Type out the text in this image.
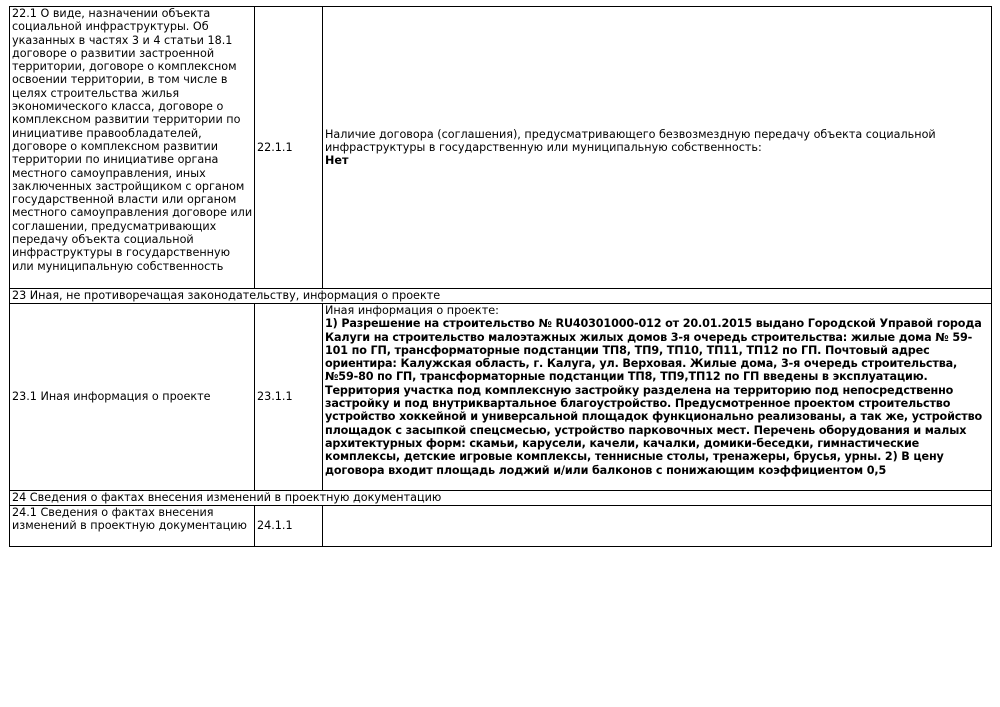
22.1 О виде, назначении объекта социальной инфраструктуры. Об указанных в частях 3 и 4 статьи 18.1 договоре о развитии застроенной территории, договоре о комплексном освоении территории, в том числе в целях строительства жилья экономического класса, договоре о комплексном развитии территории по инициативе правообладателей, договоре о комплексном развитии территории по инициативе органа местного самоуправления, иных заключенных застройщиком с органом государственной власти или органом местного самоуправления договоре или соглашении, предусматривающих передачу объекта социальной инфраструктуры в государственную или муниципальную собственность	22.1.1	Наличие договора (соглашения), предусматривающего безвозмездную передачу объекта социальной инфраструктуры в государственную или муниципальную собственность:
Нет

23 Иная, не противоречащая законодательству, информация о проекте		
23.1 Иная информация о проекте	23.1.1	Иная информация о проекте:
1) Разрешение на строительство № RU40301000-012 от 20.01.2015 выдано Городской Управой города Калуги на строительство малоэтажных жилых домов 3-я очередь строительства: жилые дома № 59-101 по ГП, трансформаторные подстанции ТП8, ТП9, ТП10, ТП11, ТП12 по ГП. Почтовый адрес ориентира: Калужская область, г. Калуга, ул. Верховая. Жилые дома, 3-я очередь строительства, №59-80 по ГП, трансформаторные подстанции ТП8, ТП9,ТП12 по ГП введены в эксплуатацию. Территория участка под комплексную застройку разделена на территорию под непосредственно застройку и под внутриквартальное благоустройство. Предусмотренное проектом строительство устройство хоккейной и универсальной площадок функционально реализованы, а так же, устройство площадок с засыпкой спецсмесью, устройство парковочных мест. Перечень оборудования и малых архитектурных форм: скамьи, карусели, качели, качалки, домики-беседки, гимнастические комплексы, детские игровые комплексы, теннисные столы, тренажеры, брусья, урны. 2) В цену договора входит площадь лоджий и/или балконов с понижающим коэффициентом 0,5

24 Сведения о фактах внесения изменений в проектную документацию		
24.1 Сведения о фактах внесения изменений в проектную документацию	24.1.1	
